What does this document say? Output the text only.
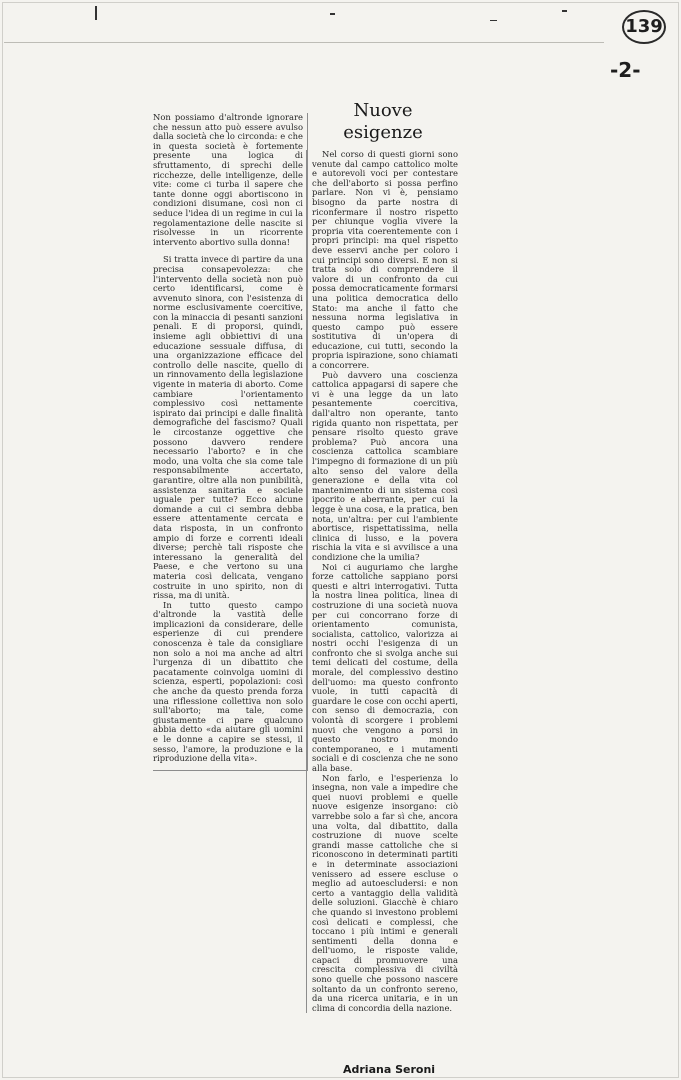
139
-2-

Non possiamo d'altronde ignorare che nessun atto può essere avulso dalla società che lo circonda: e che in questa società è fortemente presente una logica di sfruttamento, di sprechi delle ricchezze, delle intelligenze, delle vite: come ci turba il sapere che tante donne oggi abortiscono in condizioni disumane, così non ci seduce l'idea di un regime in cui la regolamentazione delle nascite si risolvesse in un ricorrente intervento abortivo sulla donna!

Si tratta invece di partire da una precisa consapevolezza: che l'intervento della società non può certo identificarsi, come è avvenuto sinora, con l'esistenza di norme esclusivamente coercitive, con la minaccia di pesanti sanzioni penali. E di proporsi, quindi, insieme agli obbiettivi di una educazione sessuale diffusa, di una organizzazione efficace del controllo delle nascite, quello di un rinnovamento della legislazione vigente in materia di aborto. Come cambiare l'orientamento complessivo così nettamente ispirato dai principi e dalle finalità demografiche del fascismo? Quali le circostanze oggettive che possono davvero rendere necessario l'aborto? e in che modo, una volta che sia come tale responsabilmente accertato, garantire, oltre alla non punibilità, assistenza sanitaria e sociale uguale per tutte? Ecco alcune domande a cui ci sembra debba essere attentamente cercata e data risposta, in un confronto ampio di forze e correnti ideali diverse; perchè tali risposte che interessano la generalità del Paese, e che vertono su una materia così delicata, vengano costruite in uno spirito, non di rissa, ma di unità.

In tutto questo campo d'altronde la vastità delle implicazioni da considerare, delle esperienze di cui prendere conoscenza è tale da consigliare non solo a noi ma anche ad altri l'urgenza di un dibattito che pacatamente coinvolga uomini di scienza, esperti, popolazioni: così che anche da questo prenda forza una riflessione collettiva non solo sull'aborto; ma tale, come giustamente ci pare qualcuno abbia detto «da aiutare gli uomini e le donne a capire se stessi, il sesso, l'amore, la produzione e la riproduzione della vita».

Nuove
esigenze

Nel corso di questi giorni sono venute dal campo cattolico molte e autorevoli voci per contestare che dell'aborto si possa perfino parlare. Non vi è, pensiamo bisogno da parte nostra di riconfermare il nostro rispetto per chiunque voglia vivere la propria vita coerentemente con i propri principi: ma quel rispetto deve esservi anche per coloro i cui principi sono diversi. E non si tratta solo di comprendere il valore di un confronto da cui possa democraticamente formarsi una politica democratica dello Stato: ma anche il fatto che nessuna norma legislativa in questo campo può essere sostitutiva di un'opera di educazione, cui tutti, secondo la propria ispirazione, sono chiamati a concorrere.

Può davvero una coscienza cattolica appagarsi di sapere che vi è una legge da un lato pesantemente coercitiva, dall'altro non operante, tanto rigida quanto non rispettata, per pensare risolto questo grave problema? Può ancora una coscienza cattolica scambiare l'impegno di formazione di un più alto senso del valore della generazione e della vita col mantenimento di un sistema così ipocrito e aberrante, per cui la legge è una cosa, e la pratica, ben nota, un'altra: per cui l'ambiente abortisce, rispettatissima, nella clinica di lusso, e la povera rischia la vita e si avvilisce a una condizione che la umilia?

Noi ci auguriamo che larghe forze cattoliche sappiano porsi questi e altri interrogativi. Tutta la nostra linea politica, linea di costruzione di una società nuova per cui concorrano forze di orientamento comunista, socialista, cattolico, valorizza ai nostri occhi l'esigenza di un confronto che si svolga anche sui temi delicati del costume, della morale, del complessivo destino dell'uomo: ma questo confronto vuole, in tutti capacità di guardare le cose con occhi aperti, con senso di democrazia, con volontà di scorgere i problemi nuovi che vengono a porsi in questo nostro mondo contemporaneo, e i mutamenti sociali e di coscienza che ne sono alla base.

Non farlo, e l'esperienza lo insegna, non vale a impedire che quei nuovi problemi e quelle nuove esigenze insorgano: ciò varrebbe solo a far sì che, ancora una volta, dal dibattito, dalla costruzione di nuove scelte grandi masse cattoliche che si riconoscono in determinati partiti e in determinate associazioni venissero ad essere escluse o meglio ad autoescludersi: e non certo a vantaggio della validità delle soluzioni. Giacchè è chiaro che quando si investono problemi così delicati e complessi, che toccano i più intimi e generali sentimenti della donna e dell'uomo, le risposte valide, capaci di promuovere una crescita complessiva di civiltà sono quelle che possono nascere soltanto da un confronto sereno, da una ricerca unitaria, e in un clima di concordia della nazione.

Adriana Seroni
